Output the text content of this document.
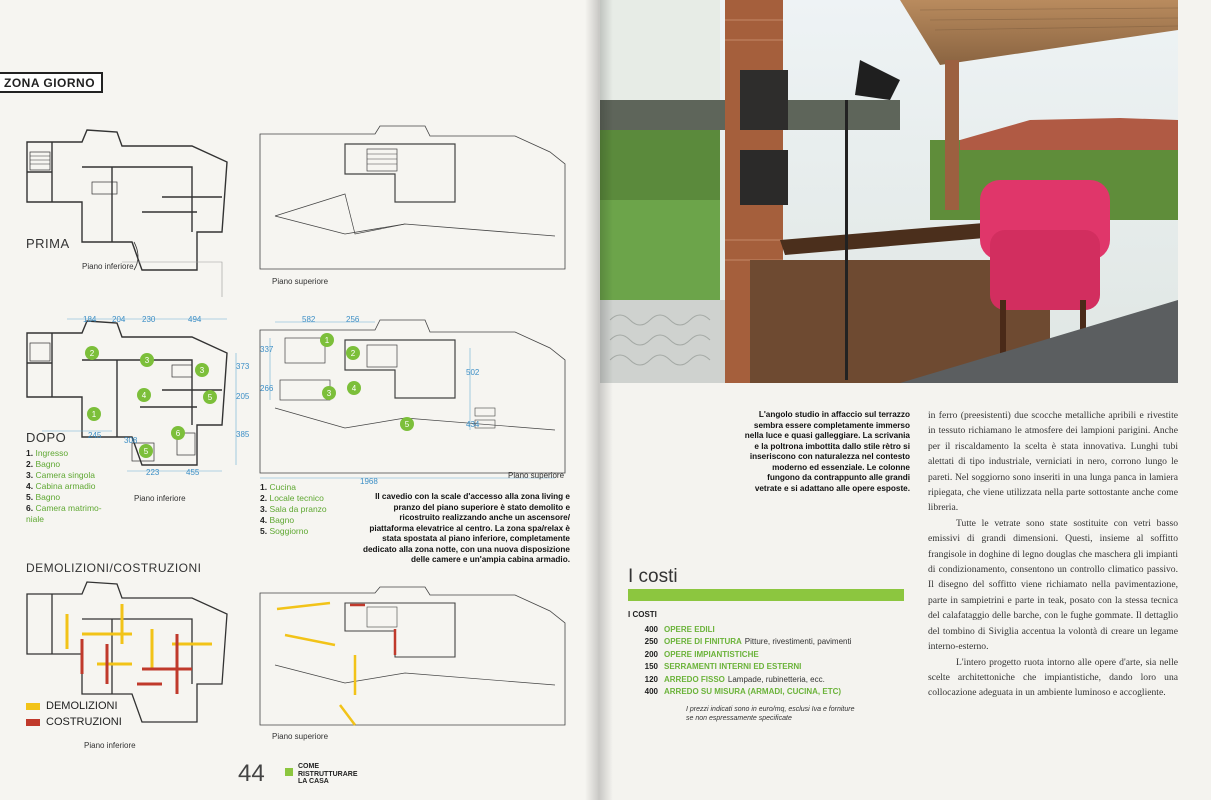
ZONA GIORNO
PRIMA
Piano inferiore
Piano superiore
1
2
3
4	5
3
6
5
184 204 230	494
245
223	455
373
205
385
308
DOPO
1. Ingresso
2. Bagno
3. Camera singola
4. Cabina armadio
5. Bagno
6. Camera matrimo-niale
Piano inferiore
1
2
3
4
5
582	256
337
266
502
434
1968
Piano superiore
1. Cucina
2. Locale tecnico
3. Sala da pranzo
4. Bagno
5. Soggiorno
Il cavedio con la scale d'accesso alla zona living e pranzo del piano superiore è stato demolito e ricostruito realizzando anche un ascensore/ piattaforma elevatrice al centro. La zona spa/relax è stata spostata al piano inferiore, completamente dedicato alla zona notte, con una nuova disposizione delle camere e un'ampia cabina armadio.
DEMOLIZIONI/COSTRUZIONI
DEMOLIZIONI
COSTRUZIONI
Piano inferiore
Piano superiore
44	COME
RISTRUTTURARE
LA CASA
L'angolo studio in affaccio sul terrazzo sembra essere completamente immerso nella luce e quasi galleggiare. La scrivania e la poltrona imbottita dallo stile rètro si inseriscono con naturalezza nel contesto moderno ed essenziale. Le colonne fungono da contrappunto alle grandi vetrate e si adattano alle opere esposte.

in ferro (preesistenti) due scocche metalliche apribili e rivestite in tessuto richiamano le atmosfere dei lampioni parigini. Anche per il riscaldamento la scelta è stata innovativa. Lunghi tubi alettati di tipo industriale, verniciati in nero, corrono lungo le pareti. Nel soggiorno sono inseriti in una lunga panca in lamiera ripiegata, che viene utilizzata nella parte sottostante anche come libreria.

Tutte le vetrate sono state sostituite con vetri basso emissivi di grandi dimensioni. Questi, insieme al soffitto frangisole in doghine di legno douglas che maschera gli impianti di condizionamento, consentono un controllo climatico passivo. Il disegno del soffitto viene richiamato nella pavimentazione, parte in sampietrini e parte in teak, posato con la stessa tecnica del calafataggio delle barche, con le fughe gommate. Il dettaglio del tombino di Siviglia accentua la volontà di creare un legame interno-esterno.

L'intero progetto ruota intorno alle opere d'arte, sia nelle scelte architettoniche che impiantistiche, dando loro una collocazione adeguata in un ambiente luminoso e accogliente.

I costi
I COSTI
400 OPERE EDILI
250 OPERE DI FINITURA Pitture, rivestimenti, pavimenti
200 OPERE IMPIANTISTICHE
150 SERRAMENTI INTERNI ED ESTERNI
120 ARREDO FISSO Lampade, rubinetteria, ecc.
400 ARREDO SU MISURA (ARMADI, CUCINA, ETC)
I prezzi indicati sono in euro/mq, esclusi Iva e forniture
se non espressamente specificate
